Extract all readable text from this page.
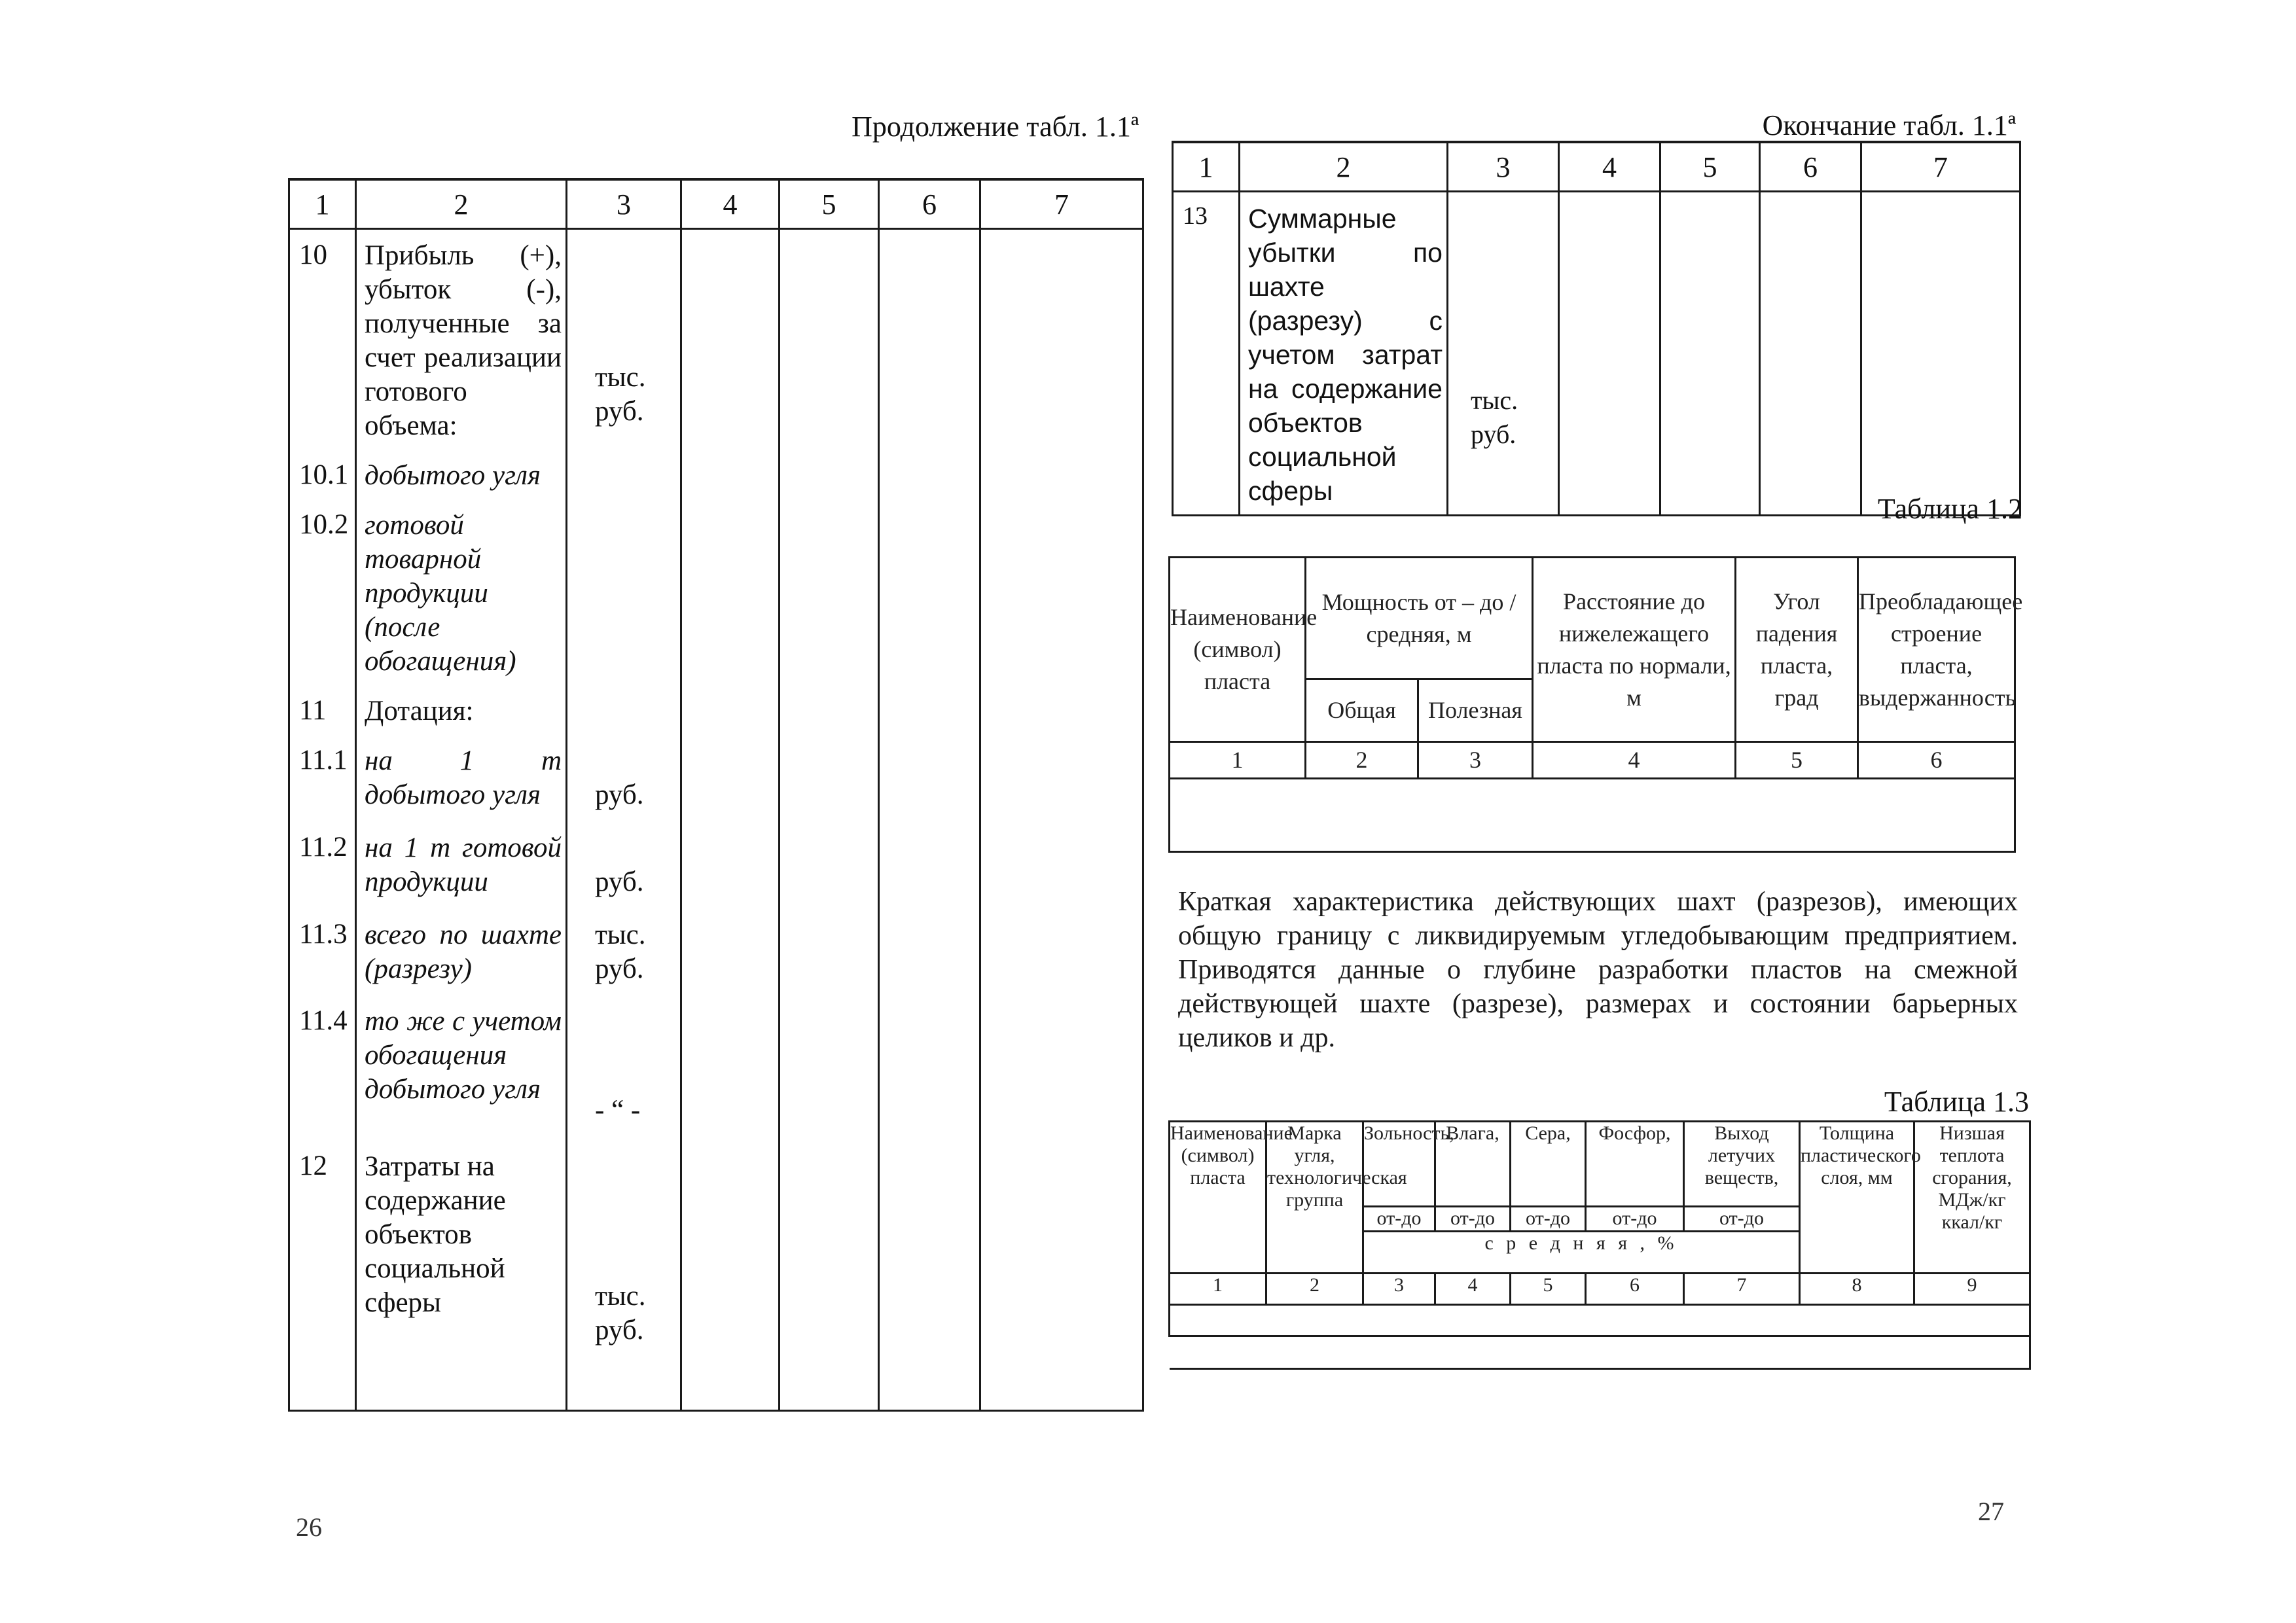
Продолжение табл. 1.1ª
1	2	3	4	5	6	7
10	Прибыль (+), убыток (-), полученные за счет реализации готового объема:	тыс. руб.				
10.1	добытого угля					
10.2	готовой товарной продукции (после обогащения)					
11	Дотация:					
11.1	на 1 т добытого угля	руб.				
11.2	на 1 т готовой продукции	руб.				
11.3	всего по шахте (разрезу)	тыс. руб.				
11.4	то же с учетом обогащения добытого угля	- “ -				
12	Затраты на содержание объектов социальной сферы	тыс. руб.				
26
Окончание табл. 1.1ª
1	2	3	4	5	6	7
13	Суммарные убытки по шахте (разрезу) с учетом затрат на содержание объектов социальной сферы	тыс. руб.				
Таблица 1.2
Наименование (символ) пласта	Мощность от – до / средняя, м		Расстояние до нижележащего пласта по нормали, м	Угол падения пласта, град	Преобладающее строение пласта, выдержанность
	Общая	Полезная			
1	2	3	4	5	6

Краткая характеристика действующих шахт (разрезов), имеющих общую границу с ликвидируемым угледобывающим предприятием. Приводятся данные о глубине разработки пластов на смежной действующей шахте (разрезе), размерах и состоянии барьерных целиков и др.
Таблица 1.3
Наименование (символ) пласта	Марка угля, технологическая группа	Зольность,	Влага,	Сера,	Фосфор,	Выход летучих веществ,	Толщина пластического слоя, мм	Низшая теплота сгорания, МДж/кг ккал/кг
		от-до	от-до	от-до	от-до	от-до		
		с р е д н я я , %						
1	2	3	4	5	6	7	8	9

27
